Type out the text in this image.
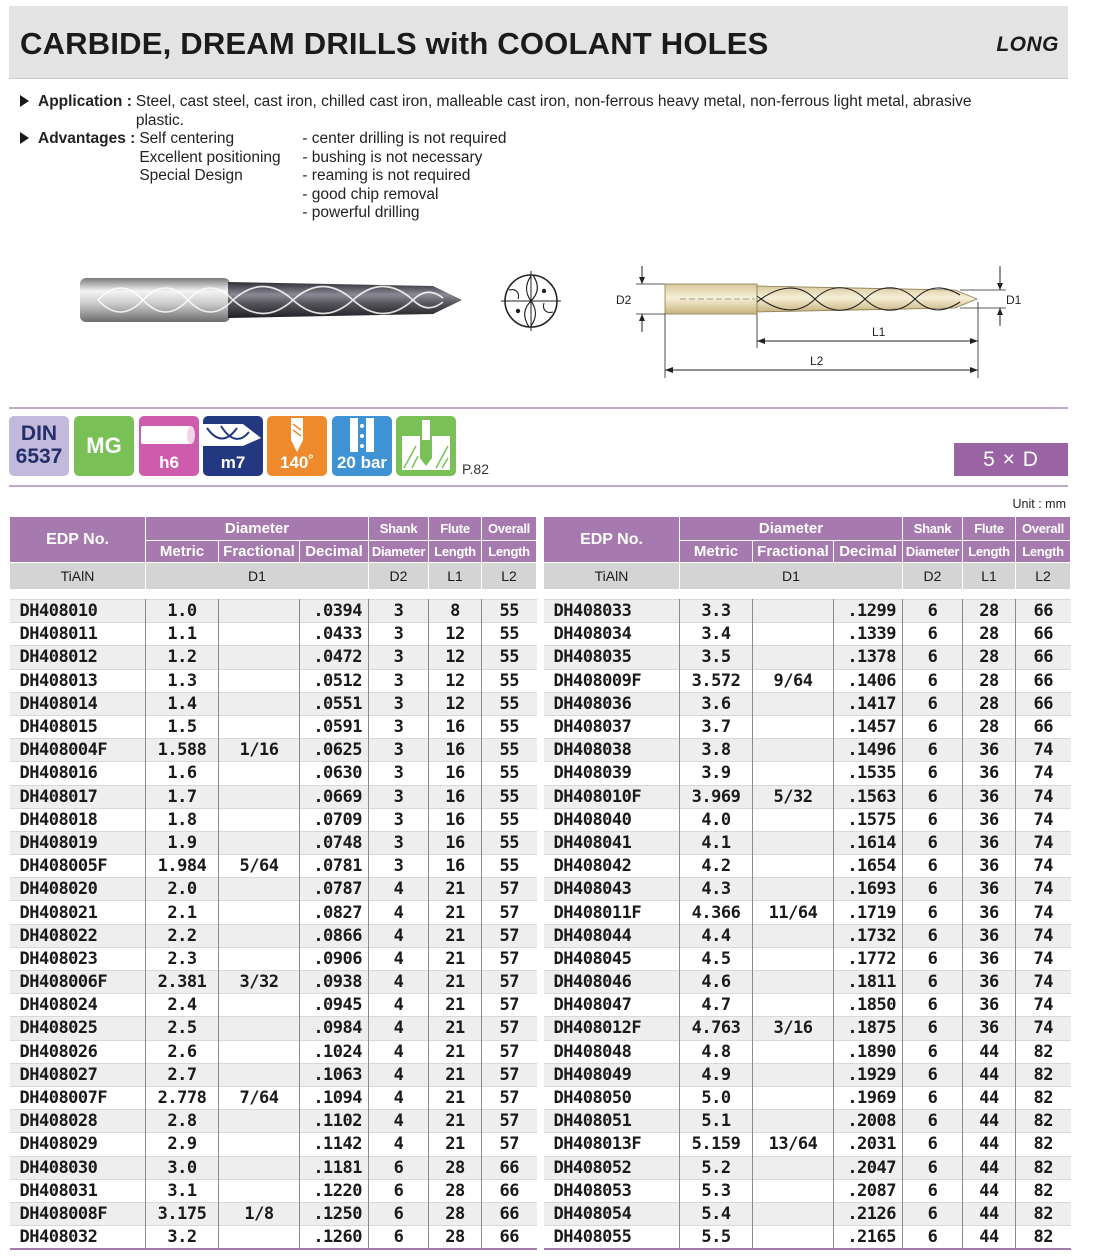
CARBIDE, DREAM DRILLS with COOLANT HOLES	LONG
Application : Steel, cast steel, cast iron, chilled cast iron, malleable cast iron, non-ferrous heavy metal, non-ferrous light metal, abrasive plastic.
Advantages : Self centering
Excellent positioning
Special Design
- center drilling is not required
- bushing is not necessary
- reaming is not required
- good chip removal
- powerful drilling
D2	D1
L1
L2
DIN
6537	MG
h6	m7	140˚	20 bar	P.82	5 × D
Unit : mm
EDP No.	Diameter			Shank	Flute	Overall
	Metric	Fractional	Decimal	Diameter	Length	Length
TiAlN	D1			D2	L1	L2

DH408010	1.0		.0394	3	8	55
DH408011	1.1		.0433	3	12	55
DH408012	1.2		.0472	3	12	55
DH408013	1.3		.0512	3	12	55
DH408014	1.4		.0551	3	12	55
DH408015	1.5		.0591	3	16	55
DH408004F	1.588	1/16	.0625	3	16	55
DH408016	1.6		.0630	3	16	55
DH408017	1.7		.0669	3	16	55
DH408018	1.8		.0709	3	16	55
DH408019	1.9		.0748	3	16	55
DH408005F	1.984	5/64	.0781	3	16	55
DH408020	2.0		.0787	4	21	57
DH408021	2.1		.0827	4	21	57
DH408022	2.2		.0866	4	21	57
DH408023	2.3		.0906	4	21	57
DH408006F	2.381	3/32	.0938	4	21	57
DH408024	2.4		.0945	4	21	57
DH408025	2.5		.0984	4	21	57
DH408026	2.6		.1024	4	21	57
DH408027	2.7		.1063	4	21	57
DH408007F	2.778	7/64	.1094	4	21	57
DH408028	2.8		.1102	4	21	57
DH408029	2.9		.1142	4	21	57
DH408030	3.0		.1181	6	28	66
DH408031	3.1		.1220	6	28	66
DH408008F	3.175	1/8	.1250	6	28	66
DH408032	3.2		.1260	6	28	66
EDP No.	Diameter			Shank	Flute	Overall
	Metric	Fractional	Decimal	Diameter	Length	Length
TiAlN	D1			D2	L1	L2

DH408033	3.3		.1299	6	28	66
DH408034	3.4		.1339	6	28	66
DH408035	3.5		.1378	6	28	66
DH408009F	3.572	9/64	.1406	6	28	66
DH408036	3.6		.1417	6	28	66
DH408037	3.7		.1457	6	28	66
DH408038	3.8		.1496	6	36	74
DH408039	3.9		.1535	6	36	74
DH408010F	3.969	5/32	.1563	6	36	74
DH408040	4.0		.1575	6	36	74
DH408041	4.1		.1614	6	36	74
DH408042	4.2		.1654	6	36	74
DH408043	4.3		.1693	6	36	74
DH408011F	4.366	11/64	.1719	6	36	74
DH408044	4.4		.1732	6	36	74
DH408045	4.5		.1772	6	36	74
DH408046	4.6		.1811	6	36	74
DH408047	4.7		.1850	6	36	74
DH408012F	4.763	3/16	.1875	6	36	74
DH408048	4.8		.1890	6	44	82
DH408049	4.9		.1929	6	44	82
DH408050	5.0		.1969	6	44	82
DH408051	5.1		.2008	6	44	82
DH408013F	5.159	13/64	.2031	6	44	82
DH408052	5.2		.2047	6	44	82
DH408053	5.3		.2087	6	44	82
DH408054	5.4		.2126	6	44	82
DH408055	5.5		.2165	6	44	82
